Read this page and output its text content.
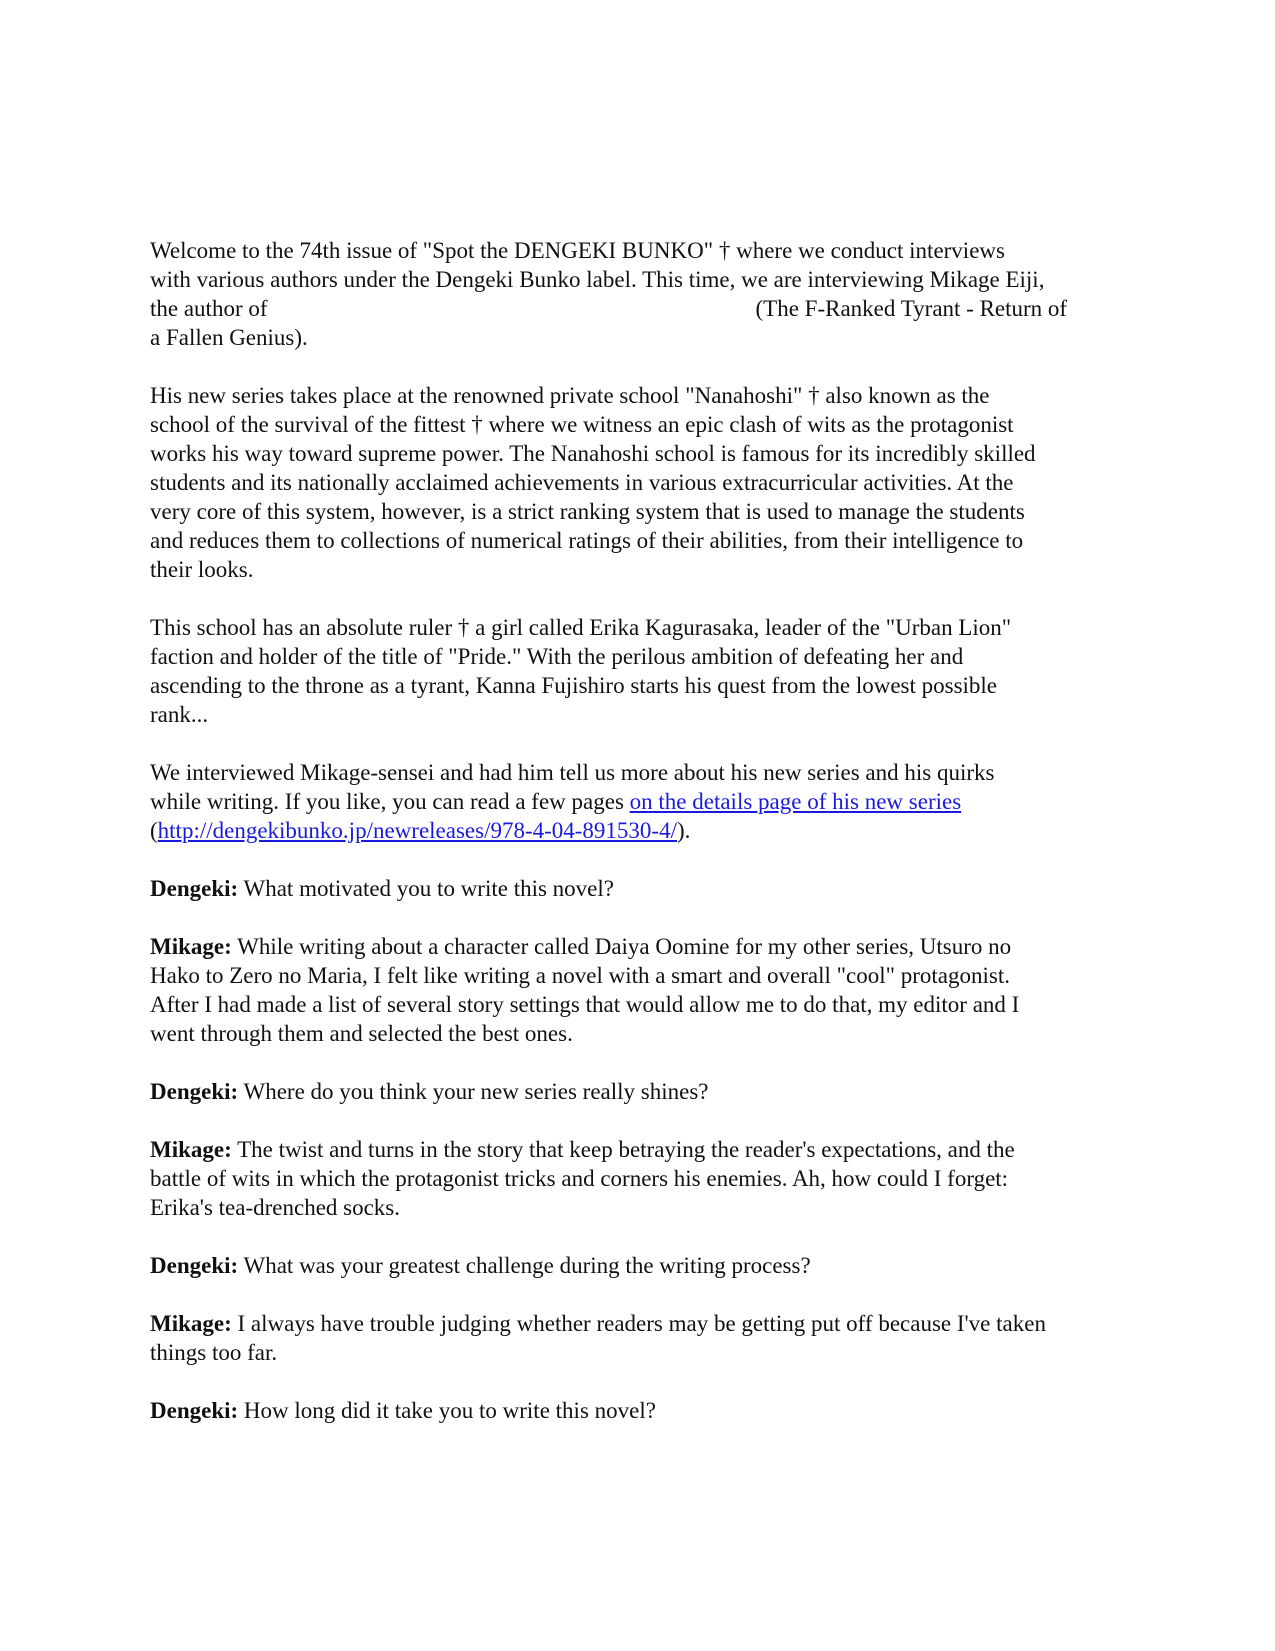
Welcome to the 74th issue of "Spot the DENGEKI BUNKO" † where we conduct interviews
with various authors under the Dengeki Bunko label. This time, we are interviewing Mikage Eiji,
the author of	(The F-Ranked Tyrant - Return of
a Fallen Genius).

His new series takes place at the renowned private school "Nanahoshi" † also known as the
school of the survival of the fittest † where we witness an epic clash of wits as the protagonist
works his way toward supreme power. The Nanahoshi school is famous for its incredibly skilled
students and its nationally acclaimed achievements in various extracurricular activities. At the
very core of this system, however, is a strict ranking system that is used to manage the students
and reduces them to collections of numerical ratings of their abilities, from their intelligence to
their looks.

This school has an absolute ruler † a girl called Erika Kagurasaka, leader of the "Urban Lion"
faction and holder of the title of "Pride." With the perilous ambition of defeating her and
ascending to the throne as a tyrant, Kanna Fujishiro starts his quest from the lowest possible
rank...

We interviewed Mikage-sensei and had him tell us more about his new series and his quirks
while writing. If you like, you can read a few pages on the details page of his new series
(http://dengekibunko.jp/newreleases/978-4-04-891530-4/).

Dengeki: What motivated you to write this novel?

Mikage: While writing about a character called Daiya Oomine for my other series, Utsuro no
Hako to Zero no Maria, I felt like writing a novel with a smart and overall "cool" protagonist.
After I had made a list of several story settings that would allow me to do that, my editor and I
went through them and selected the best ones.

Dengeki: Where do you think your new series really shines?

Mikage: The twist and turns in the story that keep betraying the reader's expectations, and the
battle of wits in which the protagonist tricks and corners his enemies. Ah, how could I forget:
Erika's tea-drenched socks.

Dengeki: What was your greatest challenge during the writing process?

Mikage: I always have trouble judging whether readers may be getting put off because I've taken
things too far.

Dengeki: How long did it take you to write this novel?
